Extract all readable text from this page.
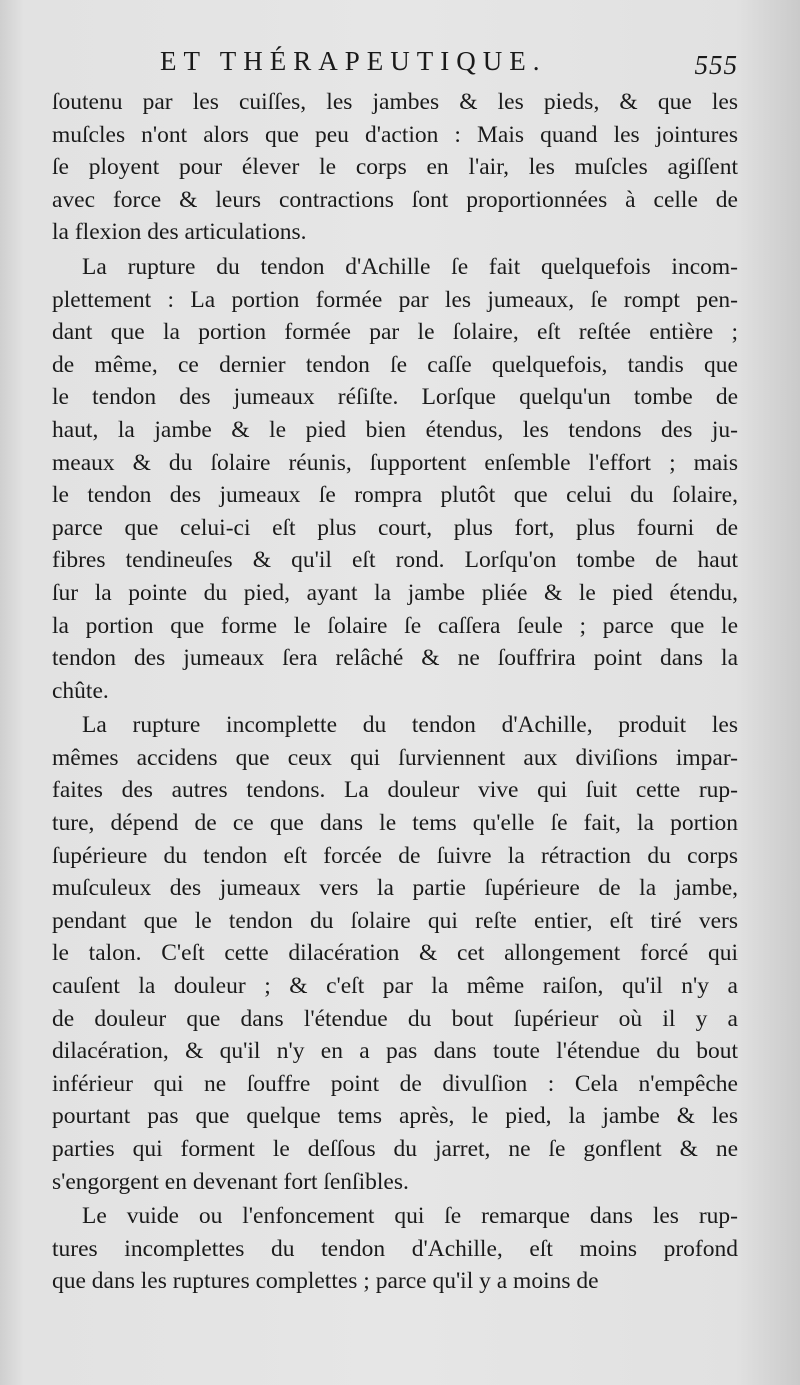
ET THÉRAPEUTIQUE.	555
ſoutenu par les cuiſſes, les jambes & les pieds, & que les
muſcles n'ont alors que peu d'action : Mais quand les jointures
ſe ployent pour élever le corps en l'air, les muſcles agiſſent
avec force & leurs contractions ſont proportionnées à celle de
la flexion des articulations.
La rupture du tendon d'Achille ſe fait quelquefois incom-
plettement : La portion formée par les jumeaux, ſe rompt pen-
dant que la portion formée par le ſolaire, eſt reſtée entière ;
de même, ce dernier tendon ſe caſſe quelquefois, tandis que
le tendon des jumeaux réſiſte. Lorſque quelqu'un tombe de
haut, la jambe & le pied bien étendus, les tendons des ju-
meaux & du ſolaire réunis, ſupportent enſemble l'effort ; mais
le tendon des jumeaux ſe rompra plutôt que celui du ſolaire,
parce que celui-ci eſt plus court, plus fort, plus fourni de
fibres tendineuſes & qu'il eſt rond. Lorſqu'on tombe de haut
ſur la pointe du pied, ayant la jambe pliée & le pied étendu,
la portion que forme le ſolaire ſe caſſera ſeule ; parce que le
tendon des jumeaux ſera relâché & ne ſouffrira point dans la
chûte.
La rupture incomplette du tendon d'Achille, produit les
mêmes accidens que ceux qui ſurviennent aux diviſions impar-
faites des autres tendons. La douleur vive qui ſuit cette rup-
ture, dépend de ce que dans le tems qu'elle ſe fait, la portion
ſupérieure du tendon eſt forcée de ſuivre la rétraction du corps
muſculeux des jumeaux vers la partie ſupérieure de la jambe,
pendant que le tendon du ſolaire qui reſte entier, eſt tiré vers
le talon. C'eſt cette dilacération & cet allongement forcé qui
cauſent la douleur ; & c'eſt par la même raiſon, qu'il n'y a
de douleur que dans l'étendue du bout ſupérieur où il y a
dilacération, & qu'il n'y en a pas dans toute l'étendue du bout
inférieur qui ne ſouffre point de divulſion : Cela n'empêche
pourtant pas que quelque tems après, le pied, la jambe & les
parties qui forment le deſſous du jarret, ne ſe gonflent & ne
s'engorgent en devenant fort ſenſibles.
Le vuide ou l'enfoncement qui ſe remarque dans les rup-
tures incomplettes du tendon d'Achille, eſt moins profond
que dans les ruptures complettes ; parce qu'il y a moins de
